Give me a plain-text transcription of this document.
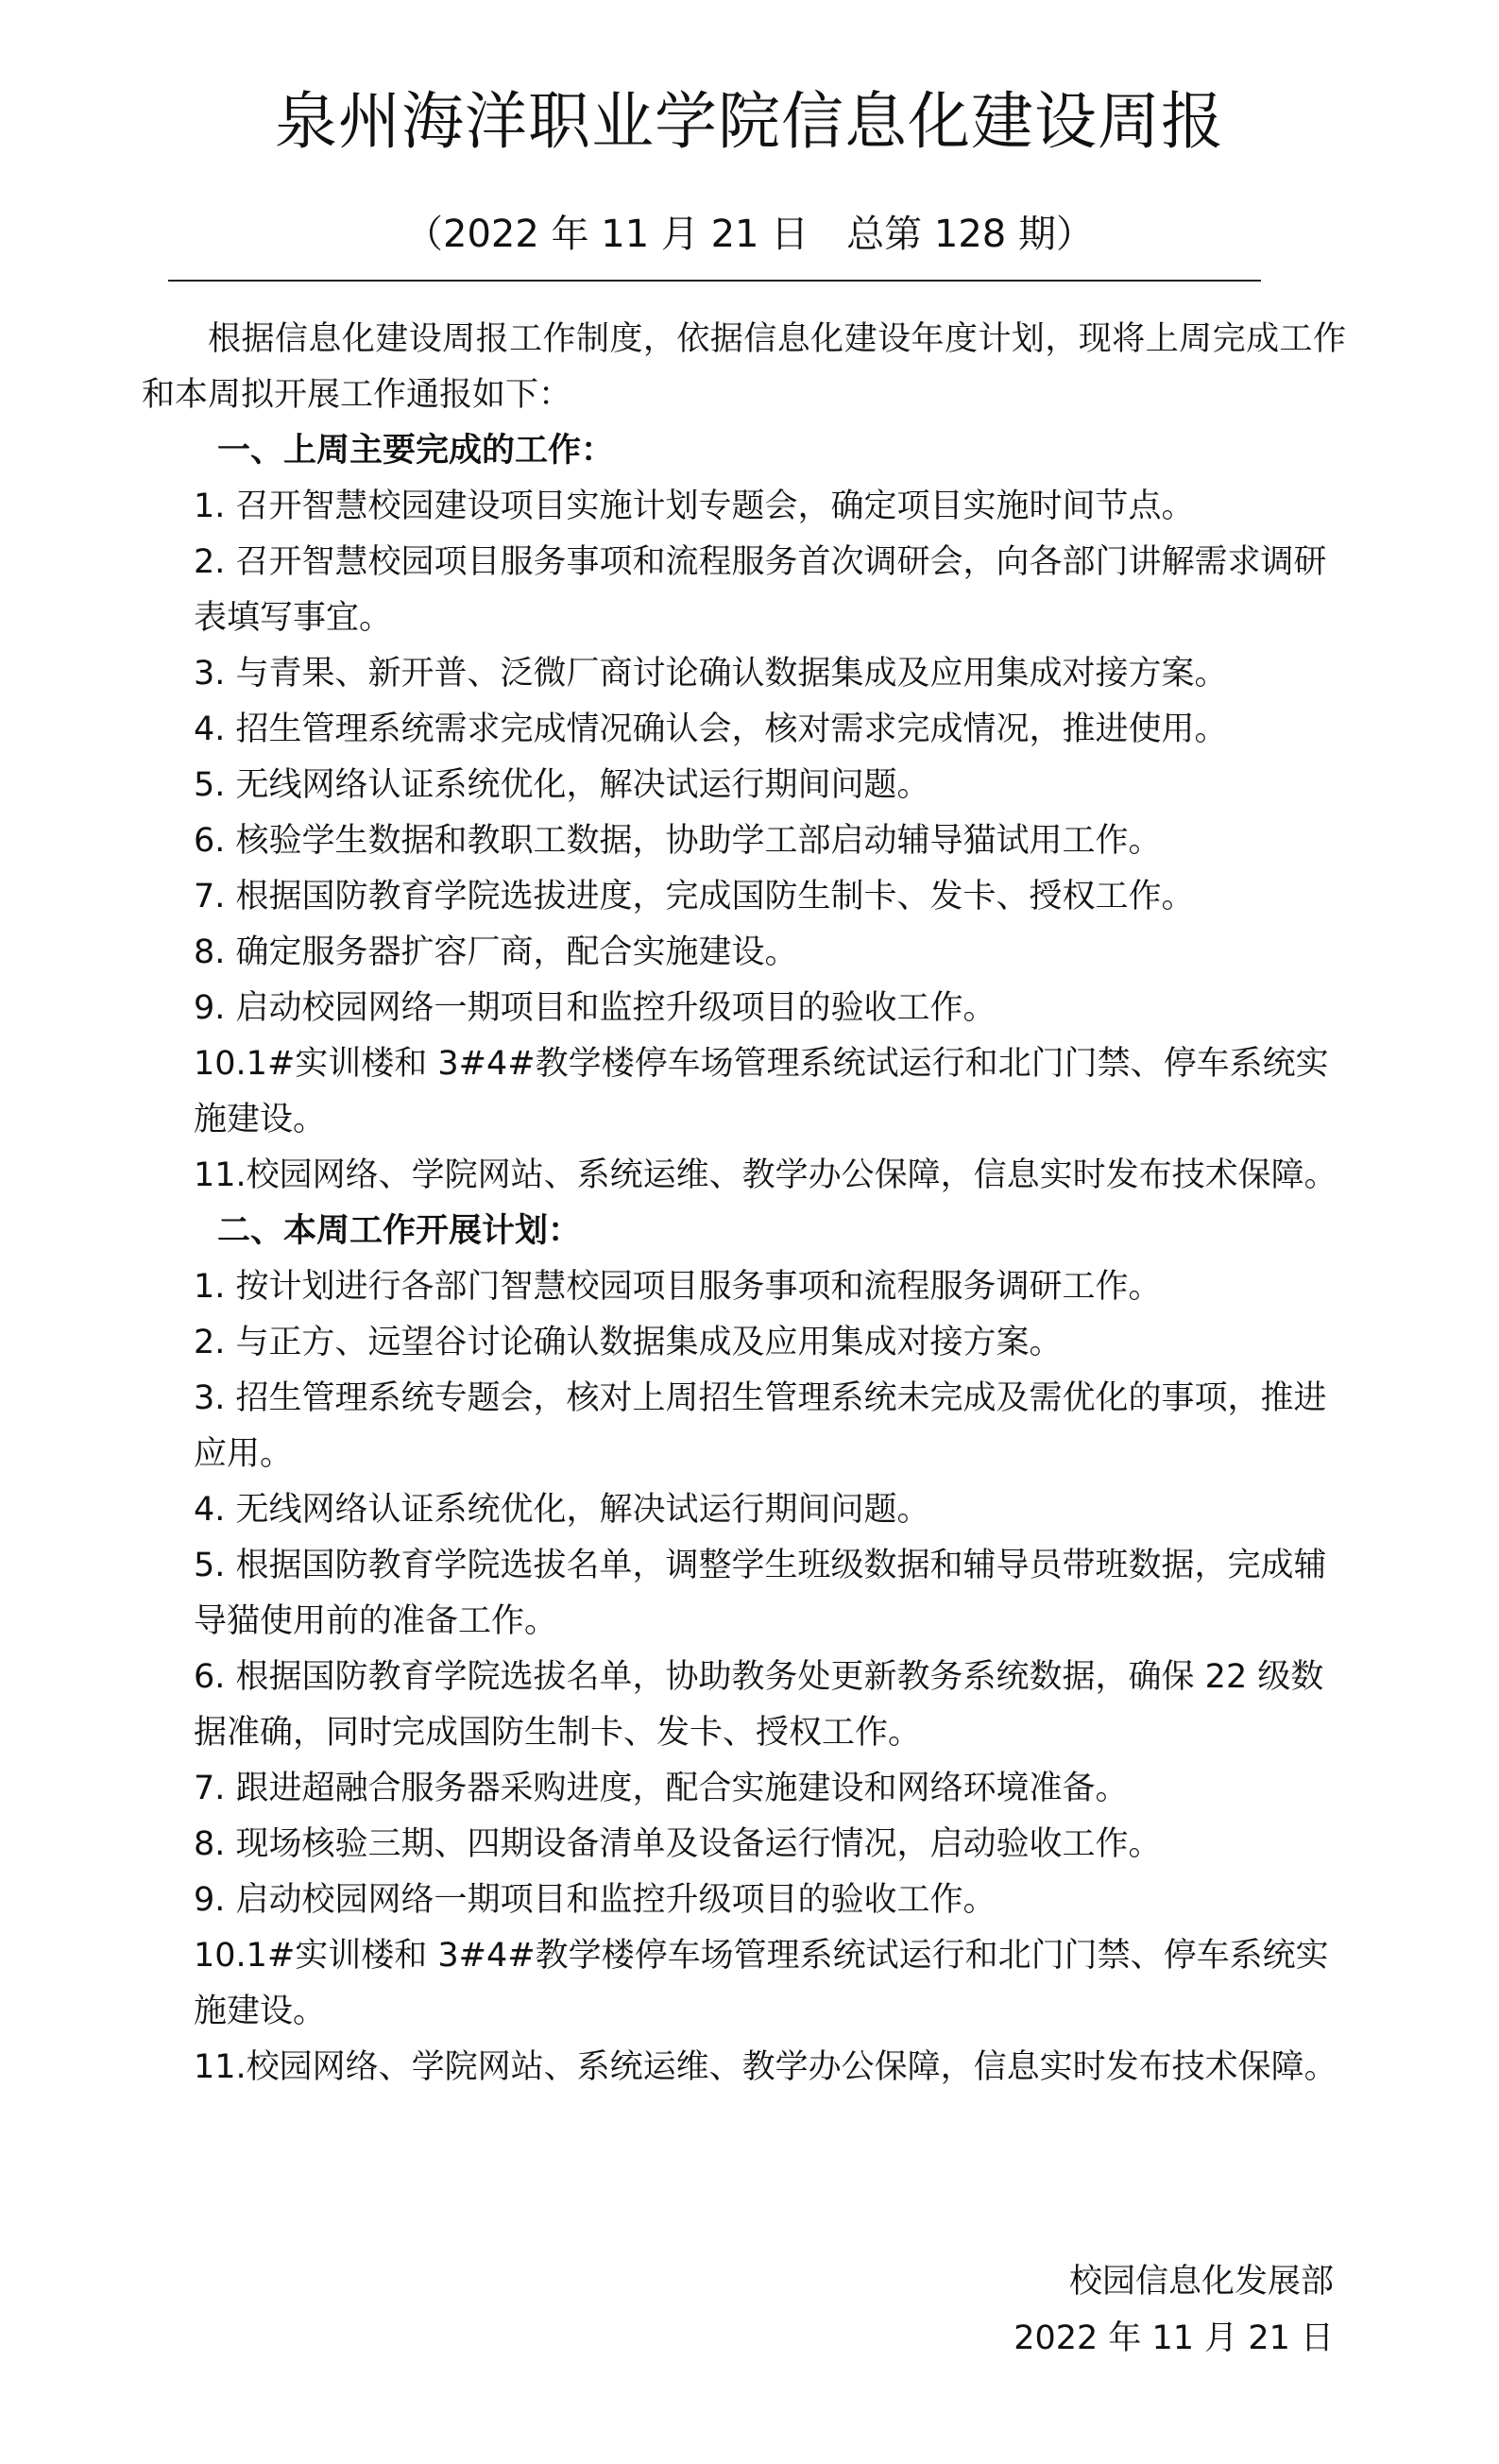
泉州海洋职业学院信息化建设周报
（2022 年 11 月 21 日　总第 128 期）

根据信息化建设周报工作制度，依据信息化建设年度计划，现将上周完成工作和本周拟开展工作通报如下：

一、上周主要完成的工作：

1. 召开智慧校园建设项目实施计划专题会，确定项目实施时间节点。
2. 召开智慧校园项目服务事项和流程服务首次调研会，向各部门讲解需求调研表填写事宜。
3. 与青果、新开普、泛微厂商讨论确认数据集成及应用集成对接方案。
4. 招生管理系统需求完成情况确认会，核对需求完成情况，推进使用。
5. 无线网络认证系统优化，解决试运行期间问题。
6. 核验学生数据和教职工数据，协助学工部启动辅导猫试用工作。
7. 根据国防教育学院选拔进度，完成国防生制卡、发卡、授权工作。
8. 确定服务器扩容厂商，配合实施建设。
9. 启动校园网络一期项目和监控升级项目的验收工作。
10.1#实训楼和 3#4#教学楼停车场管理系统试运行和北门门禁、停车系统实施建设。
11.校园网络、学院网站、系统运维、教学办公保障，信息实时发布技术保障。

二、本周工作开展计划：

1. 按计划进行各部门智慧校园项目服务事项和流程服务调研工作。
2. 与正方、远望谷讨论确认数据集成及应用集成对接方案。
3. 招生管理系统专题会，核对上周招生管理系统未完成及需优化的事项，推进应用。
4. 无线网络认证系统优化，解决试运行期间问题。
5. 根据国防教育学院选拔名单，调整学生班级数据和辅导员带班数据，完成辅导猫使用前的准备工作。
6. 根据国防教育学院选拔名单，协助教务处更新教务系统数据，确保 22 级数据准确，同时完成国防生制卡、发卡、授权工作。
7. 跟进超融合服务器采购进度，配合实施建设和网络环境准备。
8. 现场核验三期、四期设备清单及设备运行情况，启动验收工作。
9. 启动校园网络一期项目和监控升级项目的验收工作。
10.1#实训楼和 3#4#教学楼停车场管理系统试运行和北门门禁、停车系统实施建设。
11.校园网络、学院网站、系统运维、教学办公保障，信息实时发布技术保障。
校园信息化发展部
2022 年 11 月 21 日
